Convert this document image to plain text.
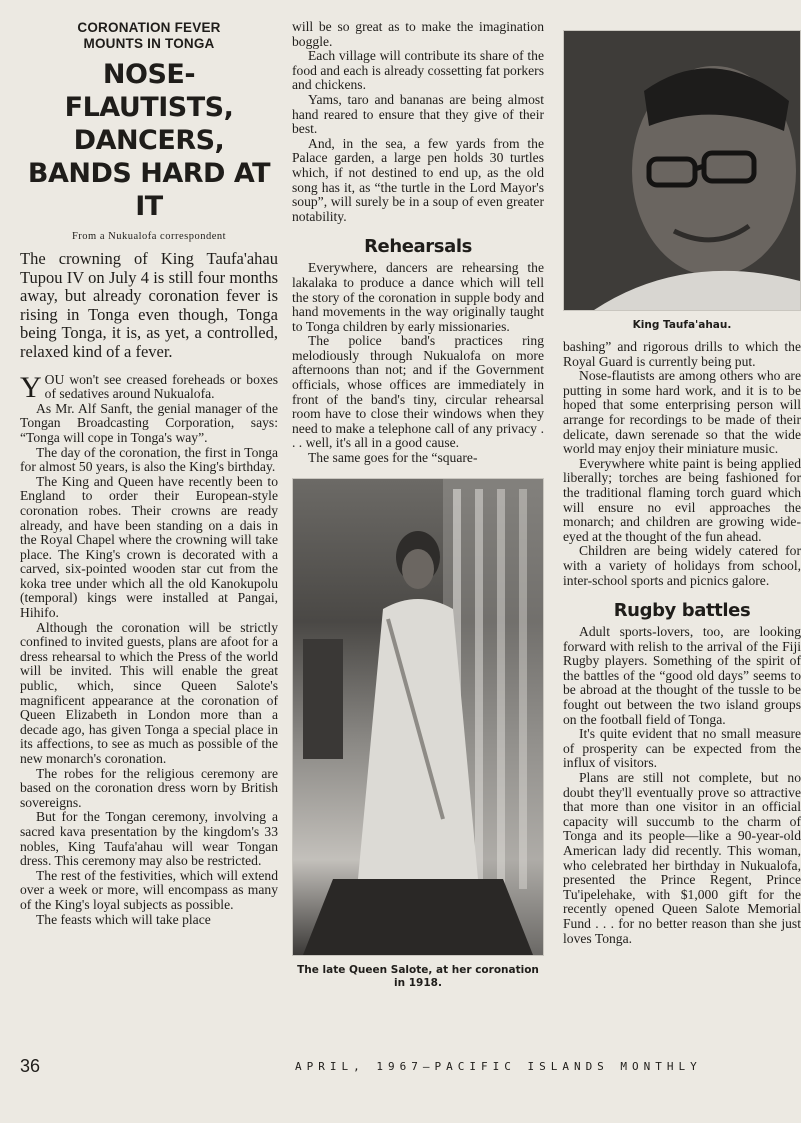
CORONATION FEVER
MOUNTS IN TONGA
NOSE-FLAUTISTS, DANCERS, BANDS HARD AT IT
From a Nukualofa correspondent

The crowning of King Taufa'ahau Tupou IV on July 4 is still four months away, but already coronation fever is rising in Tonga even though, Tonga being Tonga, it is, as yet, a controlled, relaxed kind of a fever.

YOU won't see creased foreheads or boxes of sedatives around Nukualofa.

As Mr. Alf Sanft, the genial manager of the Tongan Broadcasting Corporation, says: “Tonga will cope in Tonga's way”.

The day of the coronation, the first in Tonga for almost 50 years, is also the King's birthday.

The King and Queen have recently been to England to order their European-style coronation robes. Their crowns are ready already, and have been standing on a dais in the Royal Chapel where the crowning will take place. The King's crown is decorated with a carved, six-pointed wooden star cut from the koka tree under which all the old Kanokupolu (temporal) kings were installed at Pangai, Hihifo.

Although the coronation will be strictly confined to invited guests, plans are afoot for a dress rehearsal to which the Press of the world will be invited. This will enable the great public, which, since Queen Salote's magnificent appearance at the coronation of Queen Elizabeth in London more than a decade ago, has given Tonga a special place in its affections, to see as much as possible of the new monarch's coronation.

The robes for the religious ceremony are based on the coronation dress worn by British sovereigns.

But for the Tongan ceremony, involving a sacred kava presentation by the kingdom's 33 nobles, King Taufa'ahau will wear Tongan dress. This ceremony may also be restricted.

The rest of the festivities, which will extend over a week or more, will encompass as many of the King's loyal subjects as possible.

The feasts which will take place

will be so great as to make the imagination boggle.

Each village will contribute its share of the food and each is already cossetting fat porkers and chickens.

Yams, taro and bananas are being almost hand reared to ensure that they give of their best.

And, in the sea, a few yards from the Palace garden, a large pen holds 30 turtles which, if not destined to end up, as the old song has it, as “the turtle in the Lord Mayor's soup”, will surely be in a soup of even greater notability.

Rehearsals

Everywhere, dancers are rehearsing the lakalaka to produce a dance which will tell the story of the coronation in supple body and hand movements in the way originally taught to Tonga children by early missionaries.

The police band's practices ring melodiously through Nukualofa on more afternoons than not; and if the Government officials, whose offices are immediately in front of the band's tiny, circular rehearsal room have to close their windows when they need to make a telephone call of any privacy . . . well, it's all in a good cause.

The same goes for the “square-

The late Queen Salote, at her coronation in 1918.
King Taufa'ahau.

bashing” and rigorous drills to which the Royal Guard is currently being put.

Nose-flautists are among others who are putting in some hard work, and it is to be hoped that some enterprising person will arrange for recordings to be made of their delicate, dawn serenade so that the wide world may enjoy their miniature music.

Everywhere white paint is being applied liberally; torches are being fashioned for the traditional flaming torch guard which will ensure no evil approaches the monarch; and children are growing wide-eyed at the thought of the fun ahead.

Children are being widely catered for with a variety of holidays from school, inter-school sports and picnics galore.

Rugby battles

Adult sports-lovers, too, are looking forward with relish to the arrival of the Fiji Rugby players. Something of the spirit of the battles of the “good old days” seems to be abroad at the thought of the tussle to be fought out between the two island groups on the football field of Tonga.

It's quite evident that no small measure of prosperity can be expected from the influx of visitors.

Plans are still not complete, but no doubt they'll eventually prove so attractive that more than one visitor in an official capacity will succumb to the charm of Tonga and its people—like a 90-year-old American lady did recently. This woman, who celebrated her birthday in Nukualofa, presented the Prince Regent, Prince Tu'ipelehake, with $1,000 gift for the recently opened Queen Salote Memorial Fund . . . for no better reason than she just loves Tonga.

36	APRIL, 1967—PACIFIC ISLANDS MONTHLY
